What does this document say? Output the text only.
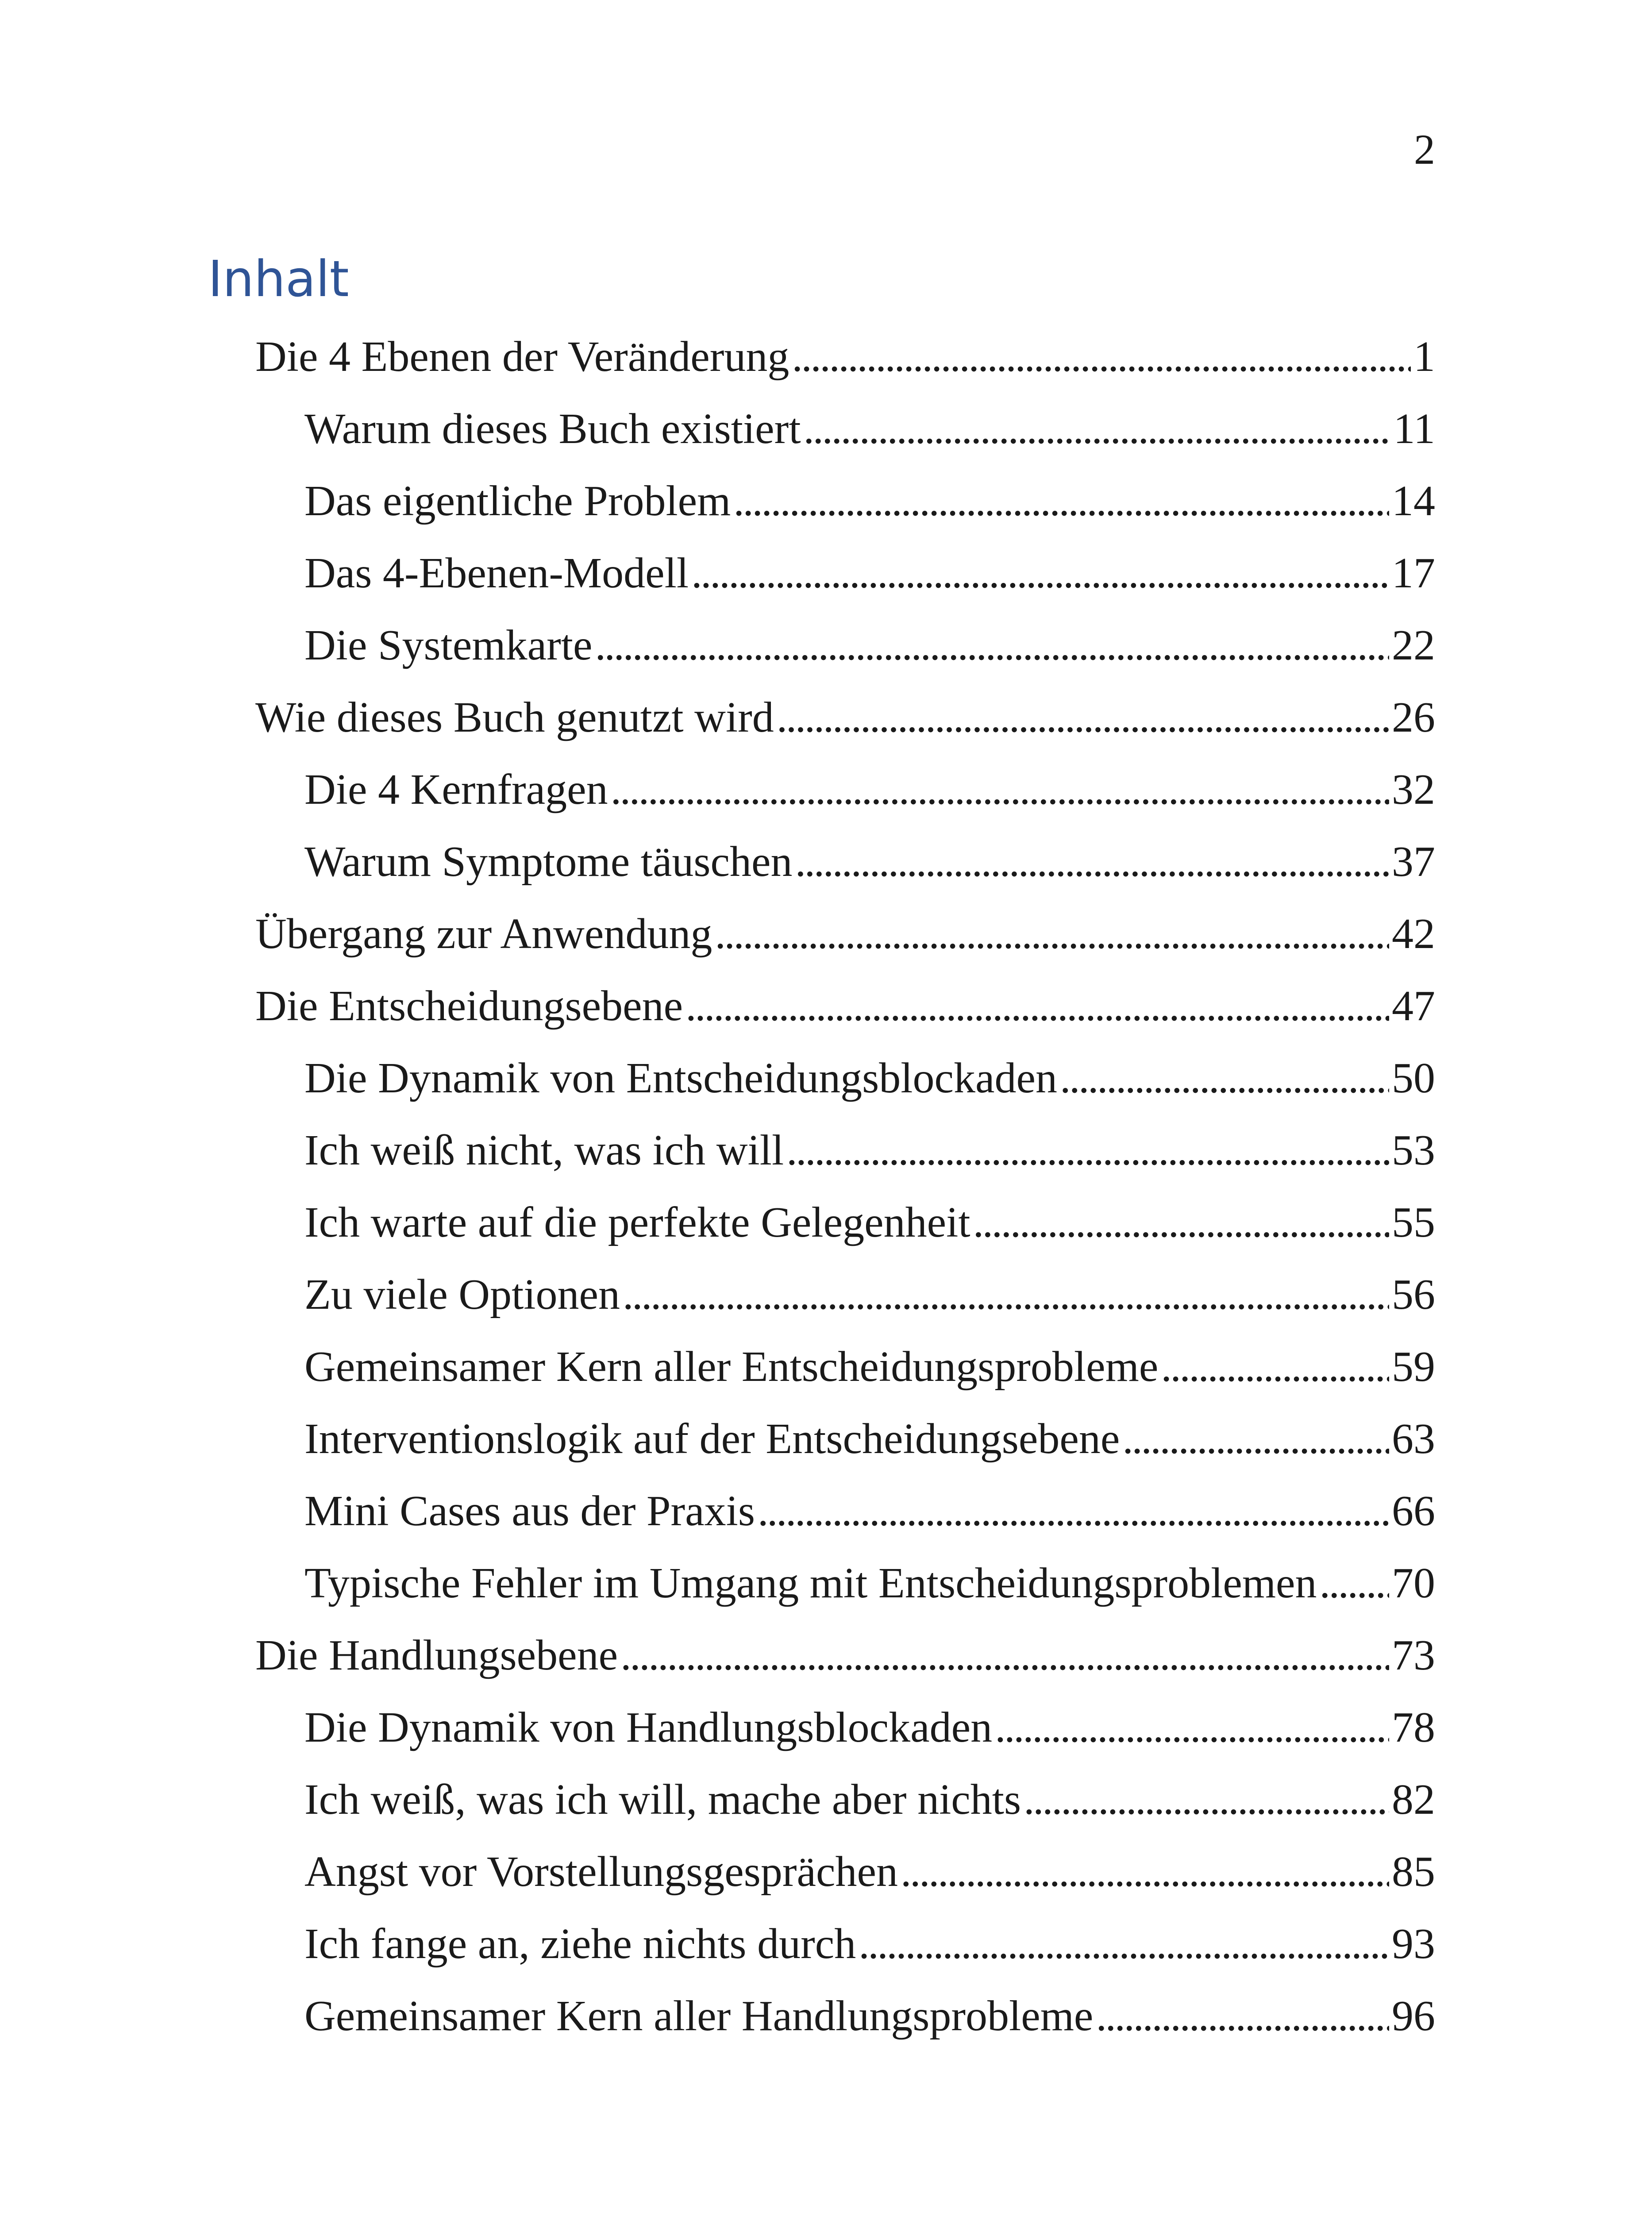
2
Inhalt
Die 4 Ebenen der Veränderung . . .	1
Warum dieses Buch existiert . . .	11
Das eigentliche Problem . . .	14
Das 4-Ebenen-Modell . . .	17
Die Systemkarte . . .	22
Wie dieses Buch genutzt wird . . .	26
Die 4 Kernfragen . . .	32
Warum Symptome täuschen . . .	37
Übergang zur Anwendung . . .	42
Die Entscheidungsebene . . .	47
Die Dynamik von Entscheidungsblockaden . . .	50
Ich weiß nicht, was ich will . . .	53
Ich warte auf die perfekte Gelegenheit . . .	55
Zu viele Optionen . . .	56
Gemeinsamer Kern aller Entscheidungsprobleme . . .	59
Interventionslogik auf der Entscheidungsebene . . .	63
Mini Cases aus der Praxis . . .	66
Typische Fehler im Umgang mit Entscheidungsproblemen . . . 70
Die Handlungsebene . . .	73
Die Dynamik von Handlungsblockaden . . .	78
Ich weiß, was ich will, mache aber nichts . . .	82
Angst vor Vorstellungsgesprächen . . .	85
Ich fange an, ziehe nichts durch . . .	93
Gemeinsamer Kern aller Handlungsprobleme . . .	96
